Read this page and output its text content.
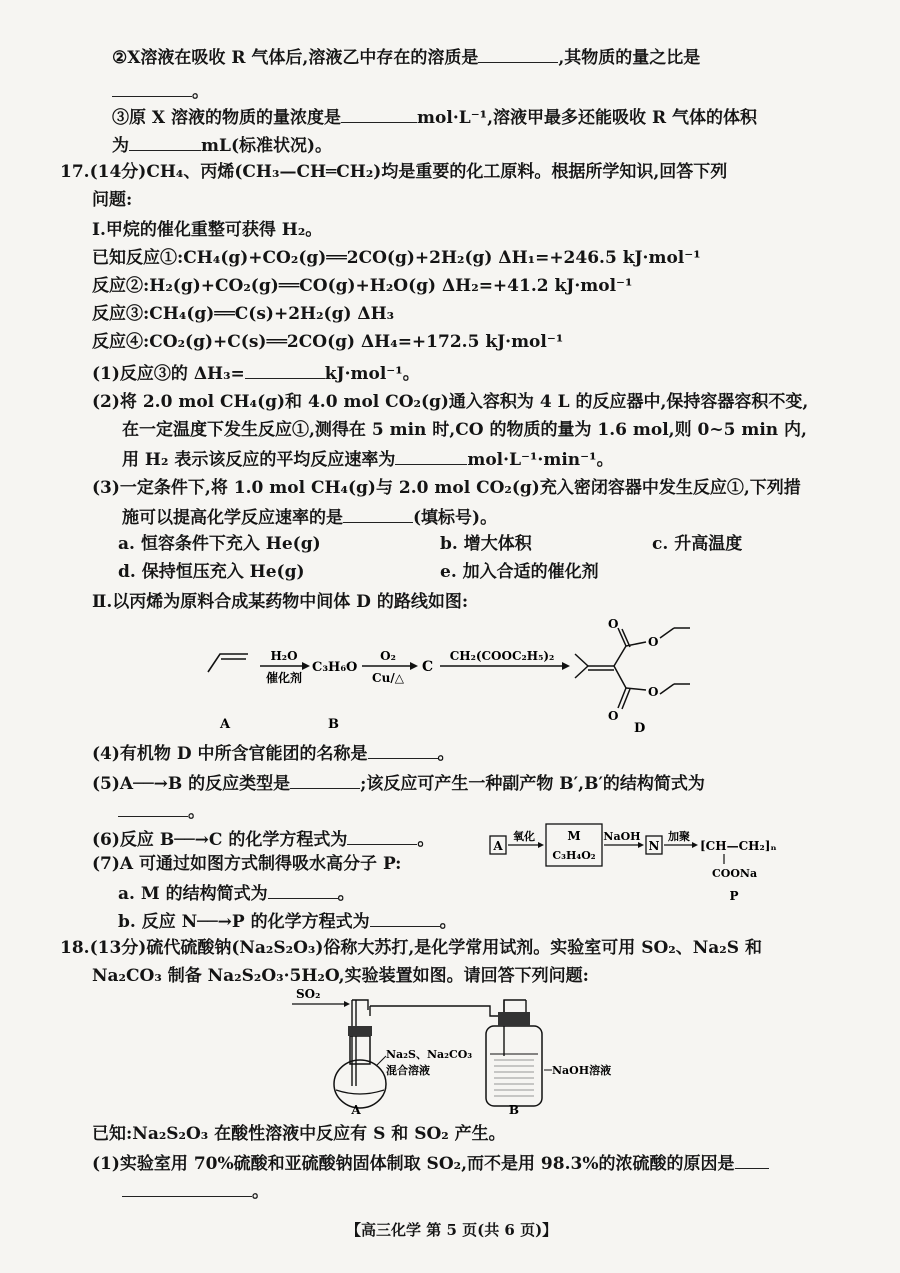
②X溶液在吸收 R 气体后,溶液乙中存在的溶质是	,其物质的量之比是
。
③原 X 溶液的物质的量浓度是	mol·L⁻¹,溶液甲最多还能吸收 R 气体的体积
为	mL(标准状况)。
17.(14分)CH₄、丙烯(CH₃—CH═CH₂)均是重要的化工原料。根据所学知识,回答下列
问题:
Ⅰ.甲烷的催化重整可获得 H₂。
已知反应①:CH₄(g)+CO₂(g)══2CO(g)+2H₂(g) ΔH₁=+246.5 kJ·mol⁻¹
反应②:H₂(g)+CO₂(g)══CO(g)+H₂O(g) ΔH₂=+41.2 kJ·mol⁻¹
反应③:CH₄(g)══C(s)+2H₂(g) ΔH₃
反应④:CO₂(g)+C(s)══2CO(g) ΔH₄=+172.5 kJ·mol⁻¹
(1)反应③的 ΔH₃=	kJ·mol⁻¹。
(2)将 2.0 mol CH₄(g)和 4.0 mol CO₂(g)通入容积为 4 L 的反应器中,保持容器容积不变,
在一定温度下发生反应①,测得在 5 min 时,CO 的物质的量为 1.6 mol,则 0~5 min 内,
用 H₂ 表示该反应的平均反应速率为	mol·L⁻¹·min⁻¹。
(3)一定条件下,将 1.0 mol CH₄(g)与 2.0 mol CO₂(g)充入密闭容器中发生反应①,下列措
施可以提高化学反应速率的是	(填标号)。
a. 恒容条件下充入 He(g)	b. 增大体积	c. 升高温度
d. 保持恒压充入 He(g)	e. 加入合适的催化剂
Ⅱ.以丙烯为原料合成某药物中间体 D 的路线如图:
H₂O
催化剂
C₃H₆O
O₂
Cu/△
C
CH₂(COOC₂H₅)₂
O
O
O
O
A	B	D
(4)有机物 D 中所含官能团的名称是	。
(5)A──→B 的反应类型是	;该反应可产生一种副产物 B′,B′的结构简式为
。
(6)反应 B──→C 的化学方程式为	。
(7)A 可通过如图方式制得吸水高分子 P:
a. M 的结构简式为	。
b. 反应 N──→P 的化学方程式为	。
A
氧化	M
C₃H₄O₂
NaOH
N
加聚
[CH—CH₂]ₙ
COONa
P
18.(13分)硫代硫酸钠(Na₂S₂O₃)俗称大苏打,是化学常用试剂。实验室可用 SO₂、Na₂S 和
Na₂CO₃ 制备 Na₂S₂O₃·5H₂O,实验装置如图。请回答下列问题:
SO₂
Na₂S、Na₂CO₃
混合溶液	NaOH溶液
A	B
已知:Na₂S₂O₃ 在酸性溶液中反应有 S 和 SO₂ 产生。
(1)实验室用 70%硫酸和亚硫酸钠固体制取 SO₂,而不是用 98.3%的浓硫酸的原因是
。
【高三化学 第 5 页(共 6 页)】
